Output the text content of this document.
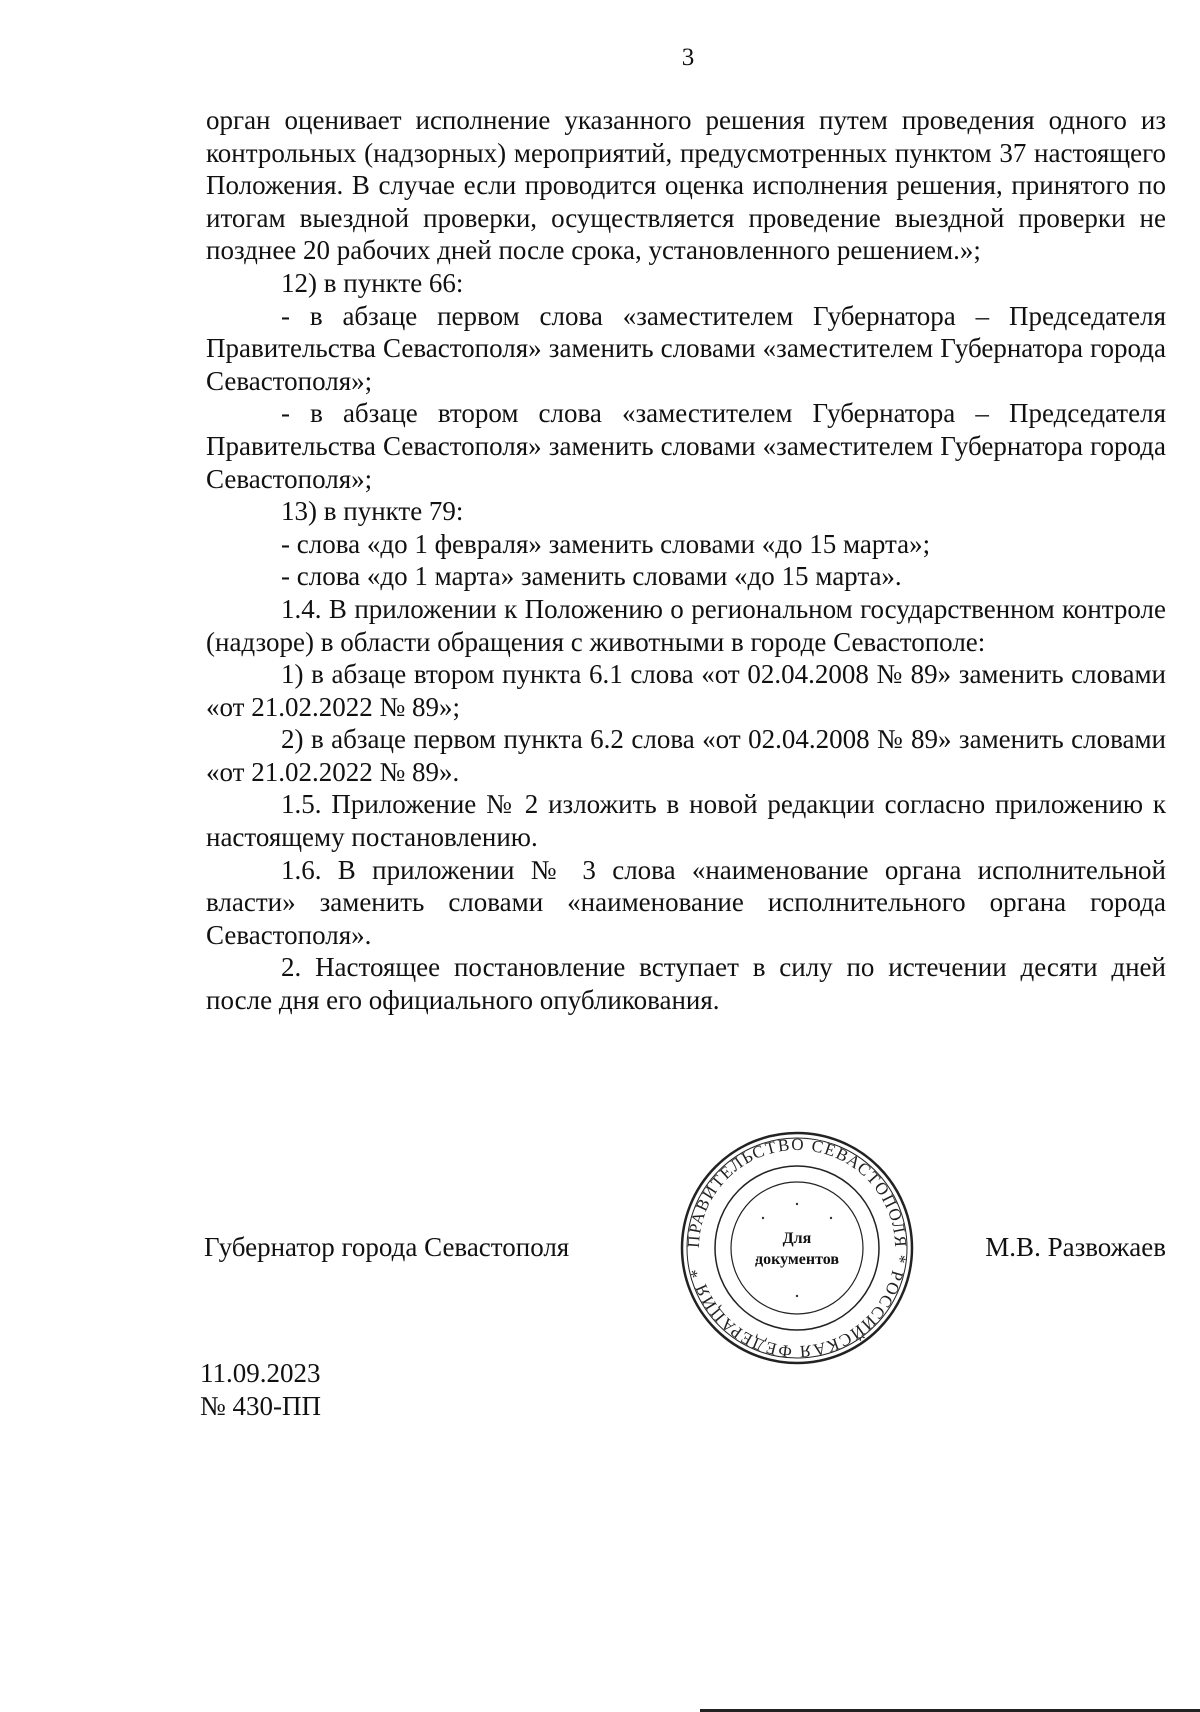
3

орган оценивает исполнение указанного решения путем проведения одного из контрольных (надзорных) мероприятий, предусмотренных пунктом 37 настоящего Положения. В случае если проводится оценка исполнения решения, принятого по итогам выездной проверки, осуществляется проведение выездной проверки не позднее 20 рабочих дней после срока, установленного решением.»;

12) в пункте 66:

- в абзаце первом слова «заместителем Губернатора – Председателя Правительства Севастополя» заменить словами «заместителем Губернатора города Севастополя»;

- в абзаце втором слова «заместителем Губернатора – Председателя Правительства Севастополя» заменить словами «заместителем Губернатора города Севастополя»;

13) в пункте 79:

- слова «до 1 февраля» заменить словами «до 15 марта»;

- слова «до 1 марта» заменить словами «до 15 марта».

1.4. В приложении к Положению о региональном государственном контроле (надзоре) в области обращения с животными в городе Севастополе:

1) в абзаце втором пункта 6.1 слова «от 02.04.2008 № 89» заменить словами «от 21.02.2022 № 89»;

2) в абзаце первом пункта 6.2 слова «от 02.04.2008 № 89» заменить словами «от 21.02.2022 № 89».

1.5. Приложение № 2 изложить в новой редакции согласно приложению к настоящему постановлению.

1.6. В приложении № 3 слова «наименование органа исполнительной власти» заменить словами «наименование исполнительного органа города Севастополя».

2. Настоящее постановление вступает в силу по истечении десяти дней после дня его официального опубликования.

Губернатор города Севастополя	М.В. Развожаев
ПРАВИТЕЛЬСТВО СЕВАСТОПОЛЯ * РОССИЙСКАЯ ФЕДЕРАЦИЯ *
Для
документов
11.09.2023
№ 430-ПП
